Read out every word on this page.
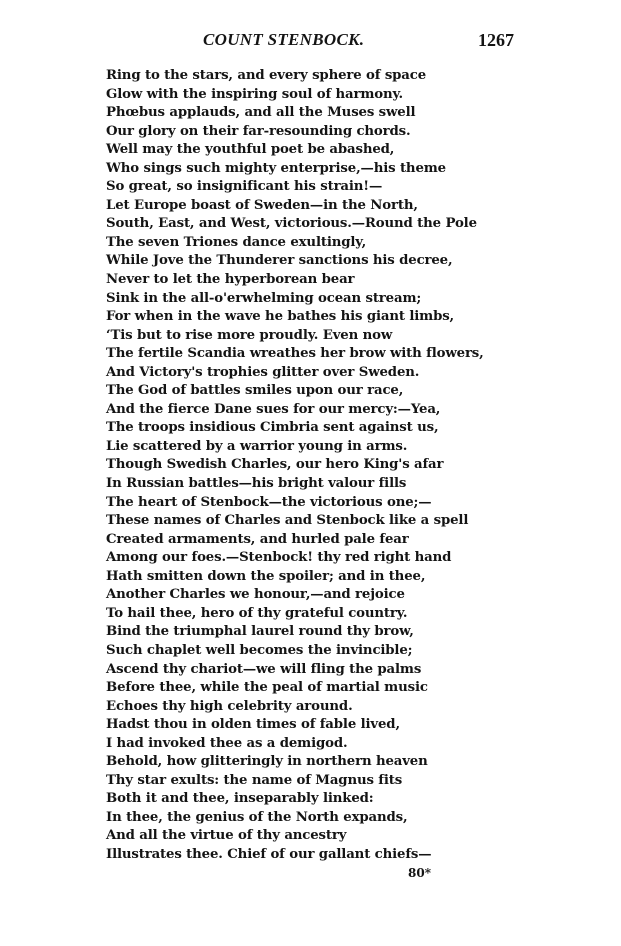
COUNT STENBOCK.	1267
Ring to the stars, and every sphere of space
Glow with the inspiring soul of harmony.
Phœbus applauds, and all the Muses swell
Our glory on their far-resounding chords.
Well may the youthful poet be abashed,
Who sings such mighty enterprise,—his theme
So great, so insignificant his strain!—
Let Europe boast of Sweden—in the North,
South, East, and West, victorious.—Round the Pole
The seven Triones dance exultingly,
While Jove the Thunderer sanctions his decree,
Never to let the hyperborean bear
Sink in the all-o'erwhelming ocean stream;
For when in the wave he bathes his giant limbs,
‘Tis but to rise more proudly. Even now
The fertile Scandia wreathes her brow with flowers,
And Victory's trophies glitter over Sweden.
The God of battles smiles upon our race,
And the fierce Dane sues for our mercy:—Yea,
The troops insidious Cimbria sent against us,
Lie scattered by a warrior young in arms.
Though Swedish Charles, our hero King's afar
In Russian battles—his bright valour fills
The heart of Stenbock—the victorious one;—
These names of Charles and Stenbock like a spell
Created armaments, and hurled pale fear
Among our foes.—Stenbock! thy red right hand
Hath smitten down the spoiler; and in thee,
Another Charles we honour,—and rejoice
To hail thee, hero of thy grateful country.
Bind the triumphal laurel round thy brow,
Such chaplet well becomes the invincible;
Ascend thy chariot—we will fling the palms
Before thee, while the peal of martial music
Echoes thy high celebrity around.
Hadst thou in olden times of fable lived,
I had invoked thee as a demigod.
Behold, how glitteringly in northern heaven
Thy star exults: the name of Magnus fits
Both it and thee, inseparably linked:
In thee, the genius of the North expands,
And all the virtue of thy ancestry
Illustrates thee. Chief of our gallant chiefs—
80*
